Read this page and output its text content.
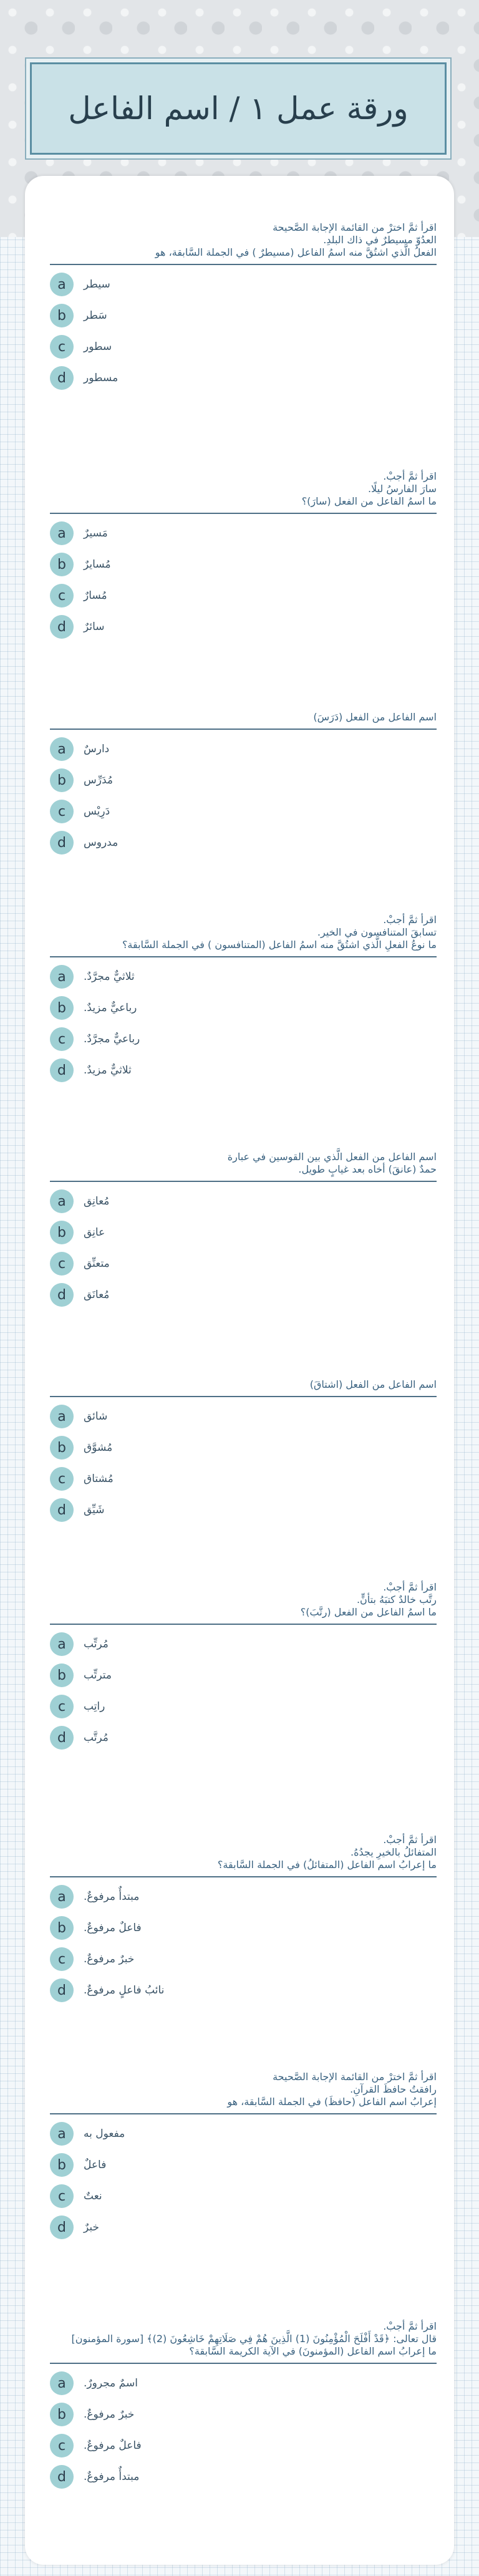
ورقة عمل ١ / اسم الفاعل
اقرأ ثمَّ اخترْ من القائمة الإجابة الصَّحيحة
العدُوّ مسيطرٌ في ذاك البلدِ.
الفعلُ الَّذي اشتُقَّ منه اسمُ الفاعل (مسيطرٌ ) في الجملة السَّابقة، هو
a	سيطر
b	سَطر
c	سطور
d	مسطور
اقرأ ثمَّ أجبْ.
سارَ الفارسُ ليلًا.
ما اسمُ الفاعل من الفعل (سارَ)؟
a	مَسيرٌ
b	مُسايرٌ
c	مُسارٌ
d	سائرٌ
اسم الفاعل من الفعل (دَرَسَ)
a	دارسٌ
b	مُدَرِّس
c	دَرِيْس
d	مدروس
اقرأ ثمَّ أجبْ.
تسابقَ المتنافسون في الخير.
ما نوعُ الفعلِ الَّذي اشتُقَّ منه اسمُ الفاعل (المتنافسون ) في الجملة السَّابقة؟
a	ثلاثيٌّ مجرَّدٌ.
b	رباعيٌّ مزيدٌ.
c	رباعيٌّ مجرَّدٌ.
d	ثلاثيٌّ مزيدٌ.
اسم الفاعل من الفعل الَّذي بين القوسين في عبارة
حمدٌ (عانقَ) أخاه بعد غيابٍ طويل.
a	مُعانِق
b	عانِق
c	متعنِّق
d	مُعانَق
اسم الفاعل من الفعل (اشتاقَ)
a	شائق
b	مُشوَّق
c	مُشتاق
d	شَيِّق
اقرأ ثمَّ أجبْ.
رتَّب خالدٌ كتبَهُ بتأنٍّ.
ما اسمُ الفاعل من الفعل (رتَّبَ)؟
a	مُرتِّب
b	مترتِّب
c	راتِب
d	مُرتَّب
اقرأ ثمَّ أجبْ.
المتفائلُ بالخيرِ يجدُهُ.
ما إعرابُ اسم الفاعل (المتفائلُ) في الجملة السَّابقة؟
a	مبتدأٌ مرفوعٌ.
b	فاعلٌ مرفوعٌ.
c	خبرٌ مرفوعٌ.
d	نائبُ فاعلٍ مرفوعٌ.
اقرأ ثمَّ اخترْ من القائمة الإجابة الصَّحيحة
رافقتُ حافظَ القرآنِ.
إعرابُ اسم الفاعل (حافظَ) في الجملة السَّابقة، هو
a	مفعول به
b	فاعلٌ
c	نعتٌ
d	خبرٌ
اقرأ ثمَّ أجبْ.
قال تعالى: ﴿قَدْ أَفْلَحَ الْمُؤْمِنُونَ (1) الَّذِينَ هُمْ فِي صَلَاتِهِمْ خَاشِعُونَ (2)﴾ [سورة المؤمنون]
ما إعرابُ اسم الفاعل (المؤمنونَ) في الآية الكريمة السَّابقة؟
a	اسمٌ مجرورٌ.
b	خبرٌ مرفوعٌ.
c	فاعلٌ مرفوعٌ.
d	مبتدأٌ مرفوعٌ.
